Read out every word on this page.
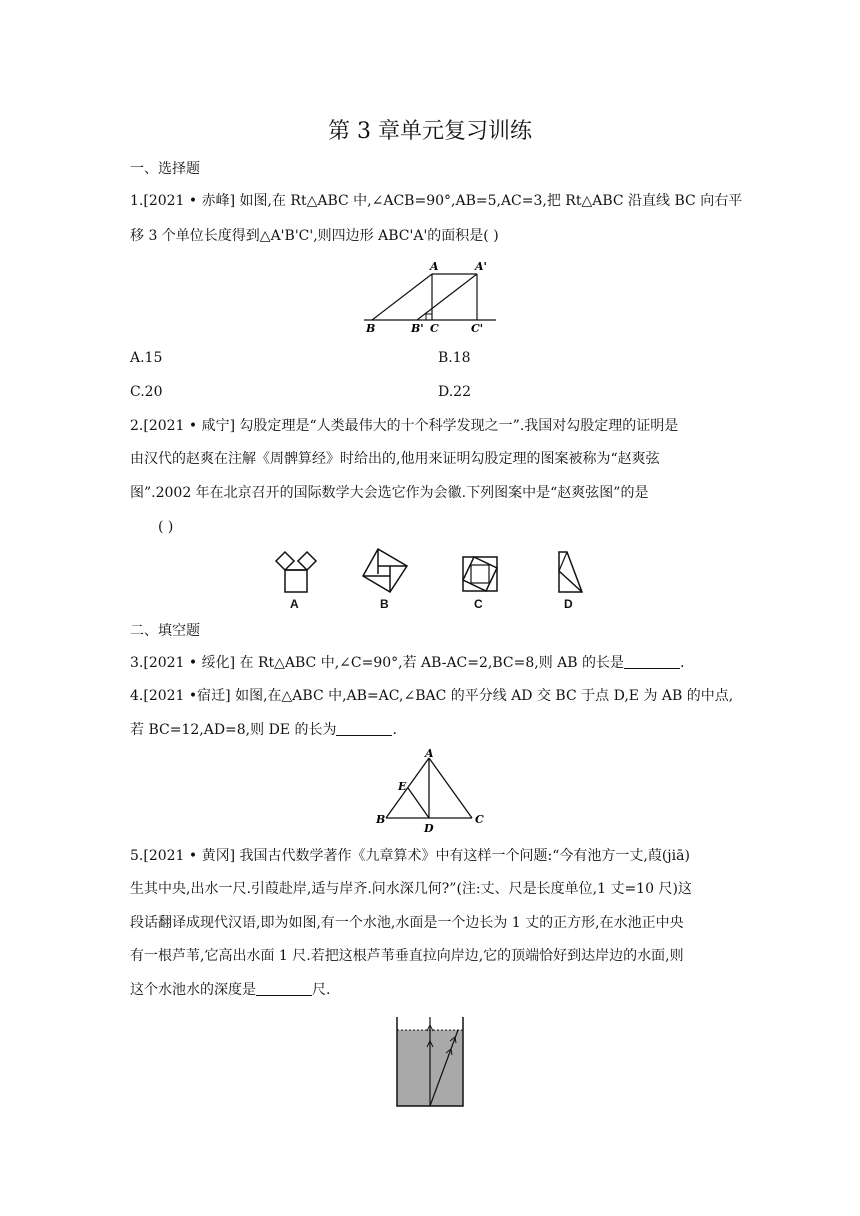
第 3 章单元复习训练
一、选择题
1.[2021 • 赤峰] 如图,在 Rt△ABC 中,∠ACB=90°,AB=5,AC=3,把 Rt△ABC 沿直线 BC 向右平
移 3 个单位长度得到△A'B'C',则四边形 ABC'A'的面积是( )
A	A'
B	B' C	C'
A.15	B.18
C.20	D.22
2.[2021 • 咸宁] 勾股定理是“人类最伟大的十个科学发现之一”.我国对勾股定理的证明是
由汉代的赵爽在注解《周髀算经》时给出的,他用来证明勾股定理的图案被称为“赵爽弦
图”.2002 年在北京召开的国际数学大会选它作为会徽.下列图案中是“赵爽弦图”的是
( )
A	B	C	D
二、填空题
3.[2021 • 绥化] 在 Rt△ABC 中,∠C=90°,若 AB-AC=2,BC=8,则 AB 的长是	.
4.[2021 •宿迁] 如图,在△ABC 中,AB=AC,∠BAC 的平分线 AD 交 BC 于点 D,E 为 AB 的中点,
若 BC=12,AD=8,则 DE 的长为	.
A
B	C
D
E
5.[2021 • 黄冈] 我国古代数学著作《九章算术》中有这样一个问题:“今有池方一丈,葭(jiā)
生其中央,出水一尺.引葭赴岸,适与岸齐.问水深几何?”(注:丈、尺是长度单位,1 丈=10 尺)这
段话翻译成现代汉语,即为如图,有一个水池,水面是一个边长为 1 丈的正方形,在水池正中央
有一根芦苇,它高出水面 1 尺.若把这根芦苇垂直拉向岸边,它的顶端恰好到达岸边的水面,则
这个水池水的深度是	尺.
